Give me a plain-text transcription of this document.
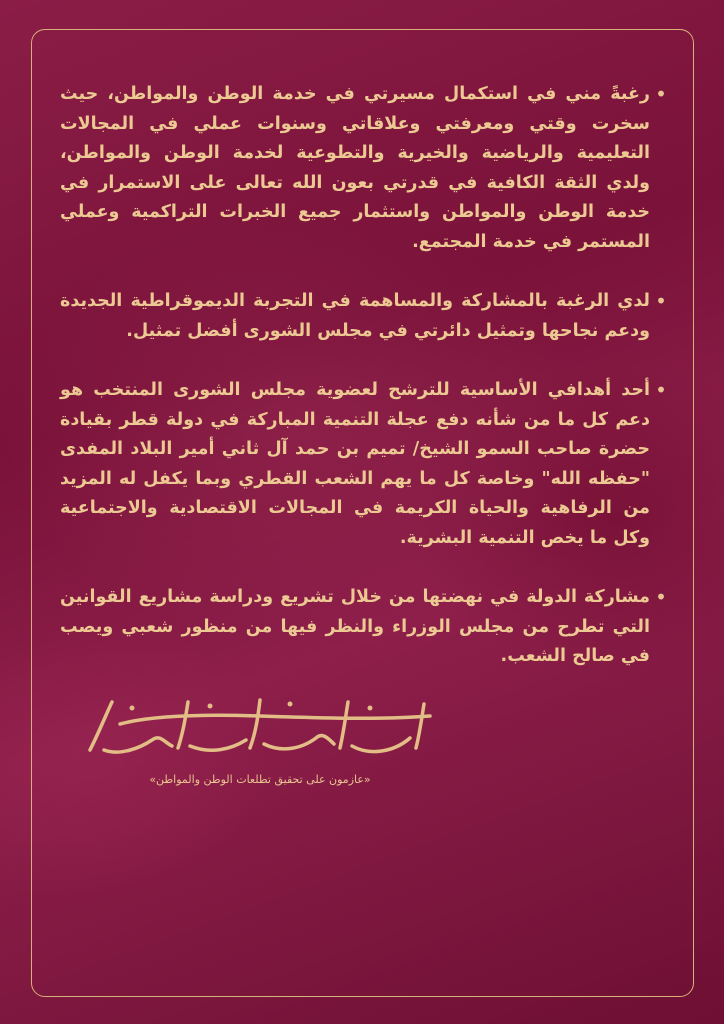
•

رغبةً مني في استكمال مسيرتي في خدمة الوطن والمواطن، حيث سخرت وقتي ومعرفتي وعلاقاتي وسنوات عملي في المجالات التعليمية والرياضية والخيرية والتطوعية لخدمة الوطن والمواطن، ولدي الثقة الكافية في قدرتي بعون الله تعالى على الاستمرار في خدمة الوطن والمواطن واستثمار جميع الخبرات التراكمية وعملي المستمر في خدمة المجتمع.

•

لدي الرغبة بالمشاركة والمساهمة في التجربة الديموقراطية الجديدة ودعم نجاحها وتمثيل دائرتي في مجلس الشورى أفضل تمثيل.

•

أحد أهدافي الأساسية للترشح لعضوية مجلس الشورى المنتخب هو دعم كل ما من شأنه دفع عجلة التنمية المباركة في دولة قطر بقيادة حضرة صاحب السمو الشيخ/ تميم بن حمد آل ثاني أمير البلاد المفدى "حفظه الله" وخاصة كل ما يهم الشعب القطري وبما يكفل له المزيد من الرفاهية والحياة الكريمة في المجالات الاقتصادية والاجتماعية وكل ما يخص التنمية البشرية.

•

مشاركة الدولة في نهضتها من خلال تشريع ودراسة مشاريع القوانين التي تطرح من مجلس الوزراء والنظر فيها من منظور شعبي ويصب في صالح الشعب.

«عازمون على تحقيق تطلعات الوطن والمواطن»
